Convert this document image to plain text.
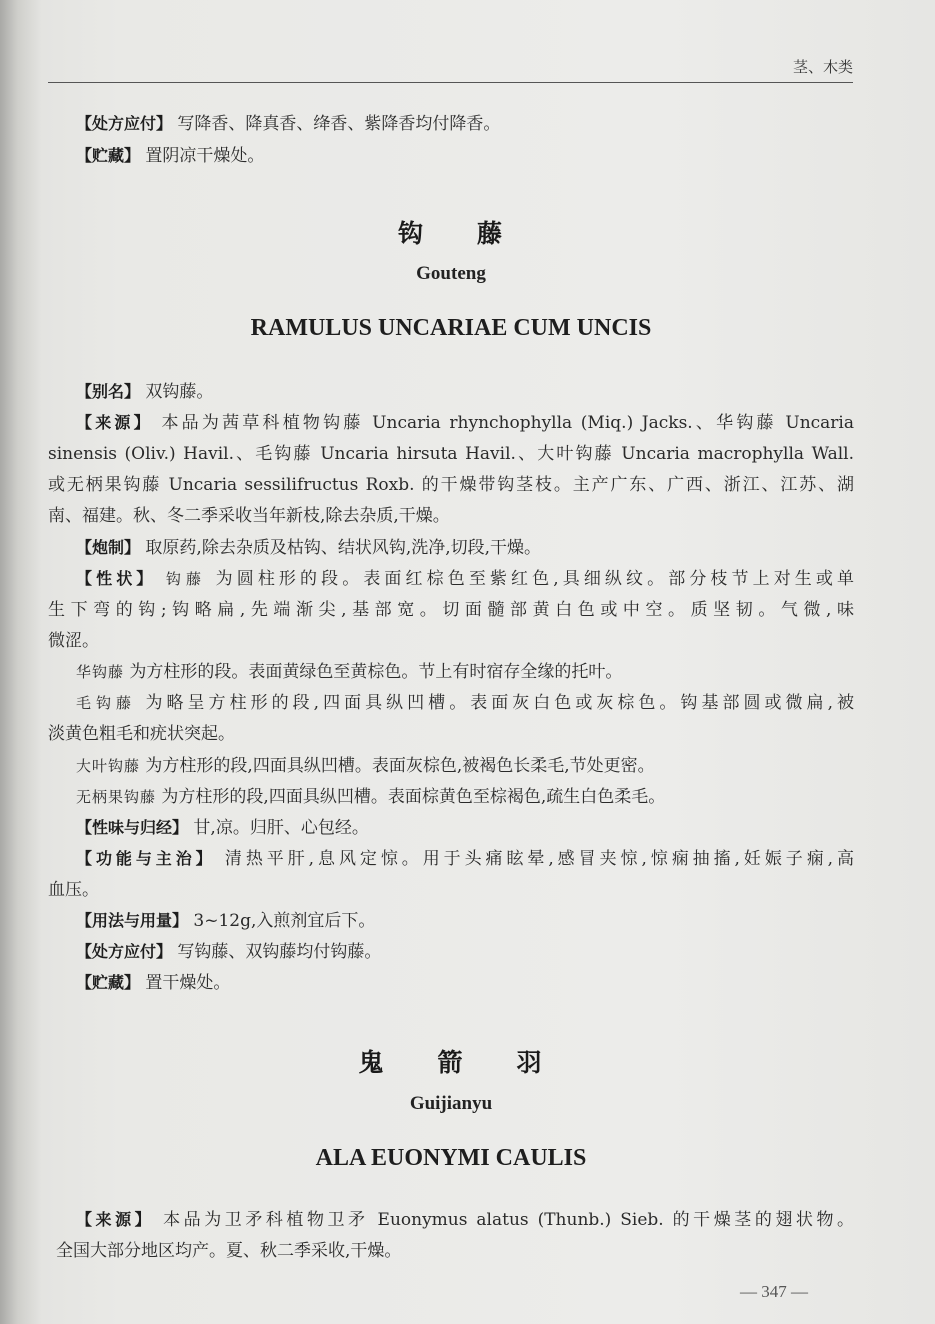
茎、木类
【处方应付】 写降香、降真香、绛香、紫降香均付降香。
【贮藏】 置阴凉干燥处。
钩 藤
Gouteng
RAMULUS UNCARIAE CUM UNCIS
【别名】 双钩藤。
【来源】 本品为茜草科植物钩藤 Uncaria rhynchophylla (Miq.) Jacks.、华钩藤 Uncaria
sinensis (Oliv.) Havil.、毛钩藤 Uncaria hirsuta Havil.、大叶钩藤 Uncaria macrophylla Wall.
或无柄果钩藤 Uncaria sessilifructus Roxb. 的干燥带钩茎枝。主产广东、广西、浙江、江苏、湖
南、福建。秋、冬二季采收当年新枝,除去杂质,干燥。
【炮制】 取原药,除去杂质及枯钩、结状风钩,洗净,切段,干燥。
【性状】 钩藤 为圆柱形的段。表面红棕色至紫红色,具细纵纹。部分枝节上对生或单
生下弯的钩;钩略扁,先端渐尖,基部宽。切面髓部黄白色或中空。质坚韧。气微,味
微涩。
华钩藤 为方柱形的段。表面黄绿色至黄棕色。节上有时宿存全缘的托叶。
毛钩藤 为略呈方柱形的段,四面具纵凹槽。表面灰白色或灰棕色。钩基部圆或微扁,被
淡黄色粗毛和疣状突起。
大叶钩藤 为方柱形的段,四面具纵凹槽。表面灰棕色,被褐色长柔毛,节处更密。
无柄果钩藤 为方柱形的段,四面具纵凹槽。表面棕黄色至棕褐色,疏生白色柔毛。
【性味与归经】 甘,凉。归肝、心包经。
【功能与主治】 清热平肝,息风定惊。用于头痛眩晕,感冒夹惊,惊痫抽搐,妊娠子痫,高
血压。
【用法与用量】 3~12g,入煎剂宜后下。
【处方应付】 写钩藤、双钩藤均付钩藤。
【贮藏】 置干燥处。
鬼 箭 羽
Guijianyu
ALA EUONYMI CAULIS
【来源】 本品为卫矛科植物卫矛 Euonymus alatus (Thunb.) Sieb. 的干燥茎的翅状物。
全国大部分地区均产。夏、秋二季采收,干燥。
— 347 —
